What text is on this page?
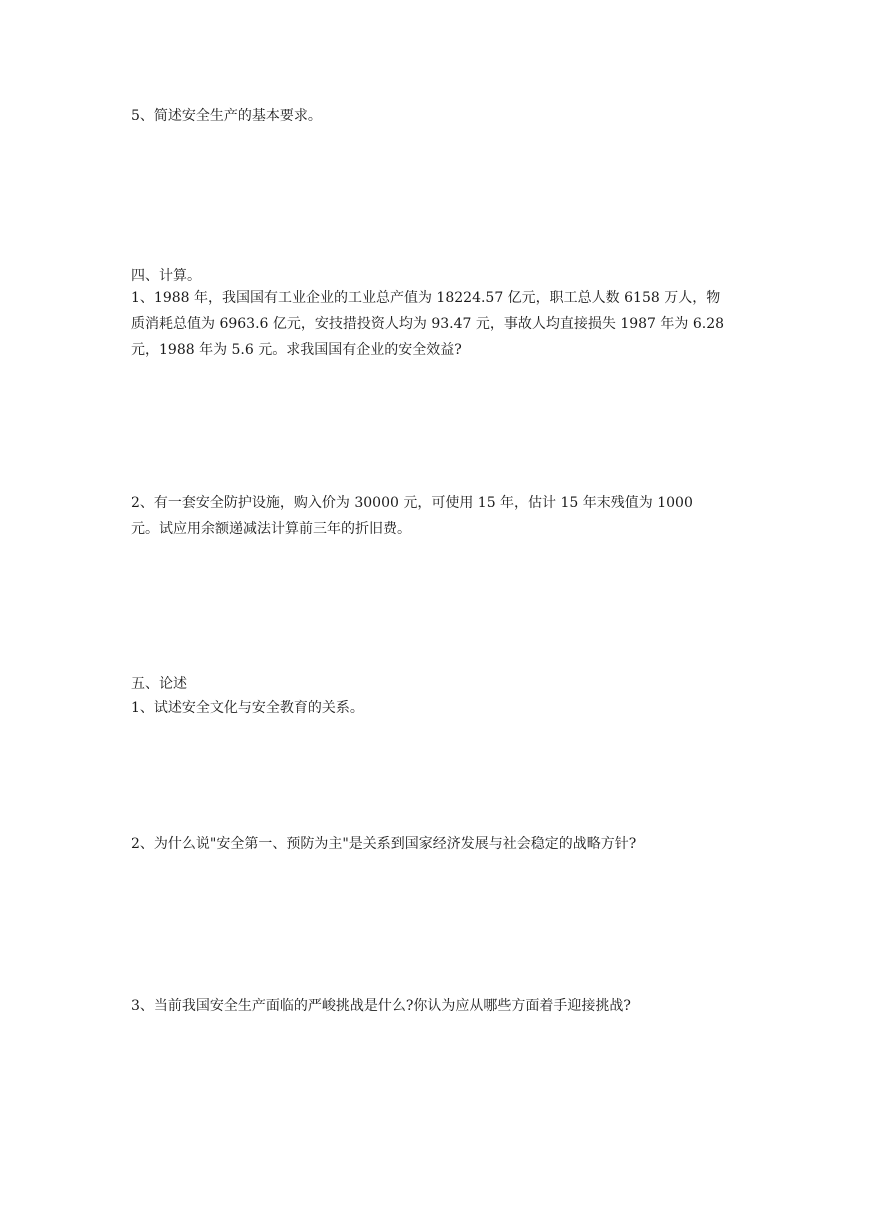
5、简述安全生产的基本要求。

四、计算。

1、1988 年，我国国有工业企业的工业总产值为 18224.57 亿元，职工总人数 6158 万人，物
质消耗总值为 6963.6 亿元，安技措投资人均为 93.47 元，事故人均直接损失 1987 年为 6.28
元，1988 年为 5.6 元。求我国国有企业的安全效益?
2、有一套安全防护设施，购入价为 30000 元，可使用 15 年，估计 15 年末残值为 1000
元。试应用余额递减法计算前三年的折旧费。

五、论述

1、试述安全文化与安全教育的关系。

2、为什么说"安全第一、预防为主"是关系到国家经济发展与社会稳定的战略方针?

3、当前我国安全生产面临的严峻挑战是什么?你认为应从哪些方面着手迎接挑战?
